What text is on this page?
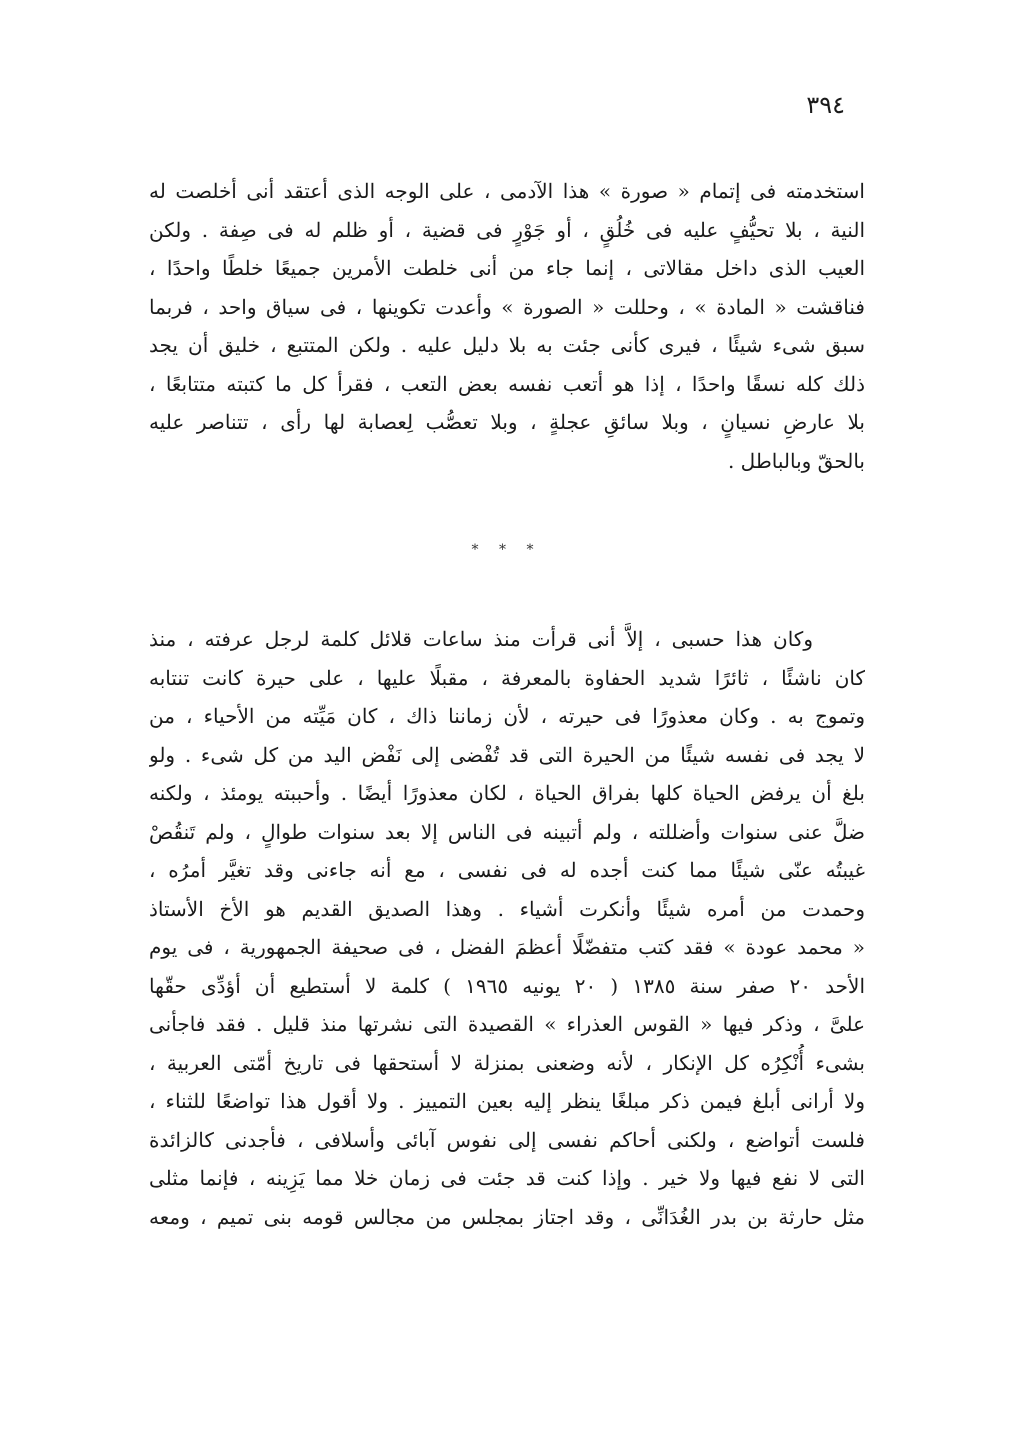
٣٩٤
استخدمته فى إتمام « صورة » هذا الآدمى ، على الوجه الذى أعتقد أنى أخلصت له
النية ، بلا تحيُّفٍ عليه فى خُلُقٍ ، أو جَوْرٍ فى قضية ، أو ظلم له فى صِفة . ولكن
العيب الذى داخل مقالاتى ، إنما جاء من أنى خلطت الأمرين جميعًا خلطًا واحدًا ،
فناقشت « المادة » ، وحللت « الصورة » وأعدت تكوينها ، فى سياق واحد ، فربما
سبق شىء شيئًا ، فيرى كأنى جئت به بلا دليل عليه . ولكن المتتبع ، خليق أن يجد
ذلك كله نسقًا واحدًا ، إذا هو أتعب نفسه بعض التعب ، فقرأ كل ما كتبته متتابعًا ،
بلا عارضِ نسيانٍ ، وبلا سائقِ عجلةٍ ، وبلا تعصُّب لِعصابة لها رأى ، تتناصر عليه
بالحقّ وبالباطل .
* * *
وكان هذا حسبى ، إلاَّ أنى قرأت منذ ساعات قلائل كلمة لرجل عرفته ، منذ
كان ناشئًا ، ثائرًا شديد الحفاوة بالمعرفة ، مقبلًا عليها ، على حيرة كانت تنتابه
وتموج به . وكان معذورًا فى حيرته ، لأن زماننا ذاك ، كان مَيِّته من الأحياء ، من
لا يجد فى نفسه شيئًا من الحيرة التى قد تُفْضى إلى نَفْض اليد من كل شىء . ولو
بلغ أن يرفض الحياة كلها بفراق الحياة ، لكان معذورًا أيضًا . وأحببته يومئذ ، ولكنه
ضلَّ عنى سنوات وأضللته ، ولم أتبينه فى الناس إلا بعد سنوات طوالٍ ، ولم تَنقُصْ
غيبتُه عنّى شيئًا مما كنت أجده له فى نفسى ، مع أنه جاءنى وقد تغيَّر أمرُه ،
وحمدت من أمره شيئًا وأنكرت أشياء . وهذا الصديق القديم هو الأخ الأستاذ
« محمد عودة » فقد كتب متفضّلًا أعظمَ الفضل ، فى صحيفة الجمهورية ، فى يوم
الأحد ٢٠ صفر سنة ١٣٨٥ ( ٢٠ يونيه ١٩٦٥ ) كلمة لا أستطيع أن أؤدِّى حقّها
علىَّ ، وذكر فيها « القوس العذراء » القصيدة التى نشرتها منذ قليل . فقد فاجأنى
بشىء أُنْكِرُه كل الإنكار ، لأنه وضعنى بمنزلة لا أستحقها فى تاريخ أمّتى العربية ،
ولا أرانى أبلغ فيمن ذكر مبلغًا ينظر إليه بعين التمييز . ولا أقول هذا تواضعًا للثناء ،
فلست أتواضع ، ولكنى أحاكم نفسى إلى نفوس آبائى وأسلافى ، فأجدنى كالزائدة
التى لا نفع فيها ولا خير . وإذا كنت قد جئت فى زمان خلا مما يَزِينه ، فإنما مثلى
مثل حارثة بن بدر الغُدَانِّى ، وقد اجتاز بمجلس من مجالس قومه بنى تميم ، ومعه
